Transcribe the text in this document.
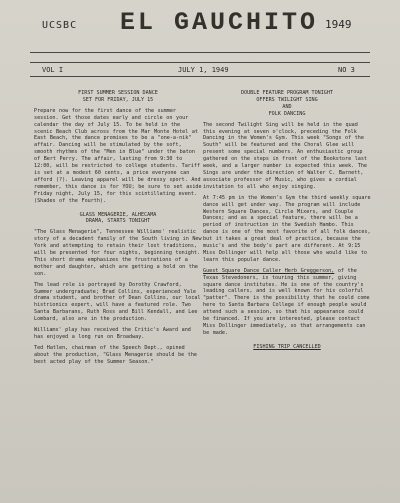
UCSBC EL GAUCHITO 1949
VOL I	JULY 1, 1949	NO 3

FIRST SUMMER SESSION DANCE

SET FOR FRIDAY, JULY 15

Prepare now for the first dance of the summer session. Get those dates early and circle on your calendar the day of July 15. To be held in the scenic Beach Club across from the Mar Monte Hotel at East Beach, the dance promises to be a "one-a-nik" affair. Dancing will be stimulated by the soft, smooth rhythms of the "Men in Blue" under the baton of Bert Perry. The affair, lasting from 9:30 to 12:00, will be restricted to college students. Tariff is set at a modest 60 cents, a price everyone can afford (?). Leaving apparel will be dressy sport. And remember, this dance is for YOU; be sure to set aside Friday night, July 15, for this scintillating event. (Shades of the Fourth).

GLASS MENAGERIE, ALHECAMA

DRAMA, STARTS TONIGHT

"The Glass Menagerie", Tennessee Williams' realistic story of a decadent family of the South living in New York and attempting to retain their lost traditions, will be presented for four nights, beginning tonight. This short drama emphasizes the frustrations of a mother and daughter, which are getting a hold on the son.

The lead role is portrayed by Dorothy Crawford, Summer undergraduate; Brad Collins, experienced Yale drama student, and brother of Dean Collins, our local histrionics expert, will have a featured role. Two Santa Barbarans, Ruth Ross and Bill Kendall, and Lee Lombard, also are in the production.

Williams' play has received the Critic's Award and has enjoyed a long run on Broadway.

Ted Hatlen, chairman of the Speech Dept., opined about the production, "Glass Menagerie should be the best acted play of the Summer Season."

DOUBLE FEATURE PROGRAM TONIGHT

OFFERS TWILIGHT SING

AND

FOLK DANCING

The second Twilight Sing will be held in the quad this evening at seven o'clock, preceding the Folk Dancing in the Women's Gym. This week "Songs of the South" will be featured and the Choral Glee will present some special numbers. An enthusiastic group gathered on the steps in front of the Bookstore last week, and a larger number is expected this week. The Sings are under the direction of Walter C. Barnett, associate professor of Music, who gives a cordial invitation to all who enjoy singing.

At 7:45 pm in the Women's Gym the third weekly square dance will get under way. The program will include Western Square Dances, Circle Mixers, and Couple Dances; and as a special feature, there will be a period of instruction in the Swedish Hambo. This dance is one of the most favorite of all folk dances, but it takes a great deal of practice, because the music's and the body's part are different. At 9:15 Miss Dollinger will help all those who would like to learn this popular dance.

Guest Square Dance Caller Herb Greggerson, of the Texas Stevedoners, is touring this summer, giving square dance institutes. He is one of the country's leading callers, and is well known for his colorful "patter". There is the possibility that he could come here to Santa Barbara College if enough people would attend such a session, so that his appearance could be financed. If you are interested, please contact Miss Dollinger immediately, so that arrangements can be made.

FISHING TRIP CANCELLED
